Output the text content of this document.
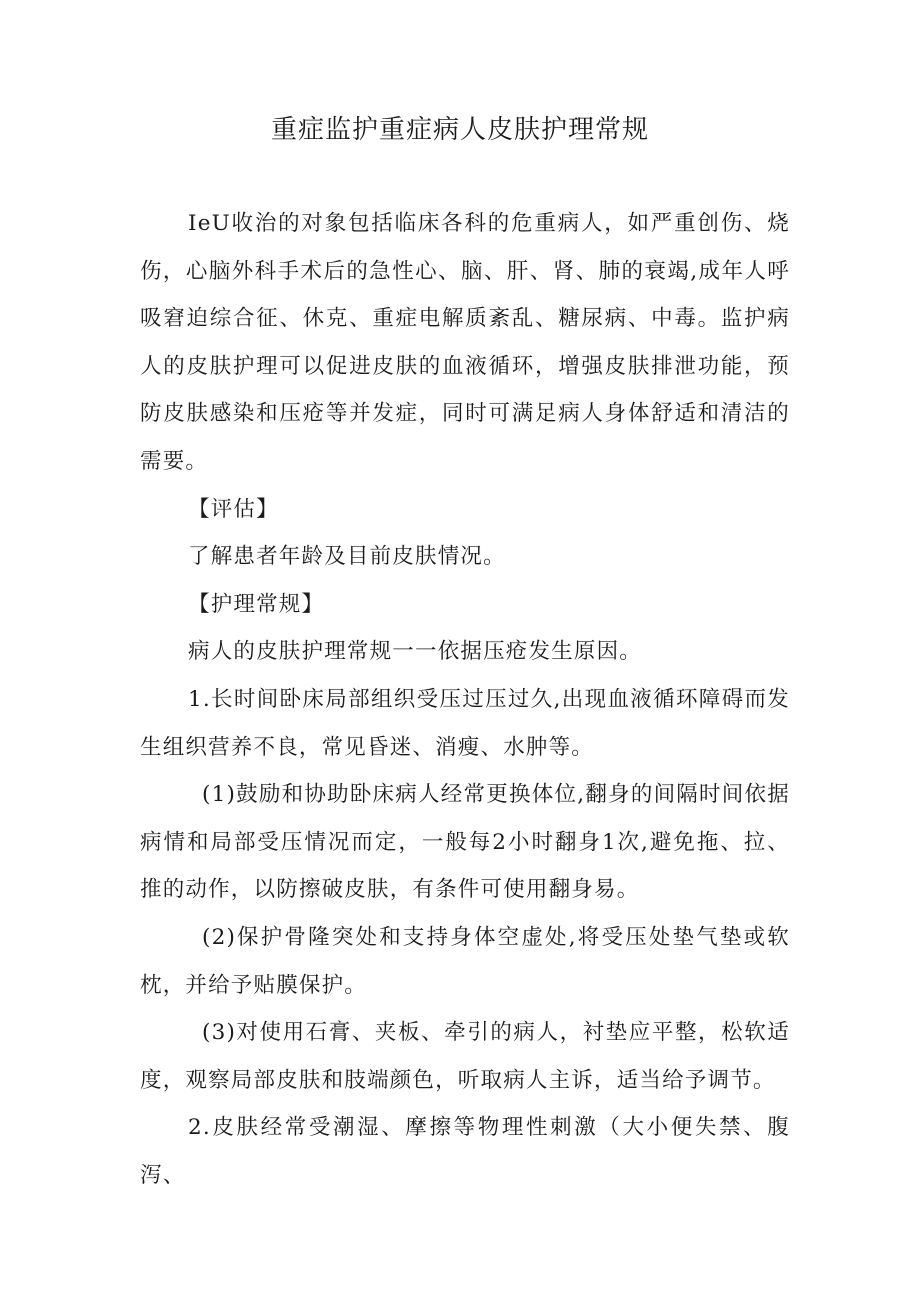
重症监护重症病人皮肤护理常规

IeU收治的对象包括临床各科的危重病人，如严重创伤、烧伤，心脑外科手术后的急性心、脑、肝、肾、肺的衰竭,成年人呼吸窘迫综合征、休克、重症电解质紊乱、糖尿病、中毒。监护病人的皮肤护理可以促进皮肤的血液循环，增强皮肤排泄功能，预防皮肤感染和压疮等并发症，同时可满足病人身体舒适和清洁的需要。

【评估】

了解患者年龄及目前皮肤情况。

【护理常规】

病人的皮肤护理常规一一依据压疮发生原因。

1.长时间卧床局部组织受压过压过久,出现血液循环障碍而发生组织营养不良，常见昏迷、消瘦、水肿等。

(1)鼓励和协助卧床病人经常更换体位,翻身的间隔时间依据病情和局部受压情况而定，一般每2小时翻身1次,避免拖、拉、推的动作，以防擦破皮肤，有条件可使用翻身易。

(2)保护骨隆突处和支持身体空虚处,将受压处垫气垫或软枕，并给予贴膜保护。

(3)对使用石膏、夹板、牵引的病人，衬垫应平整，松软适度，观察局部皮肤和肢端颜色，听取病人主诉，适当给予调节。

2.皮肤经常受潮湿、摩擦等物理性刺激（大小便失禁、腹泻、
